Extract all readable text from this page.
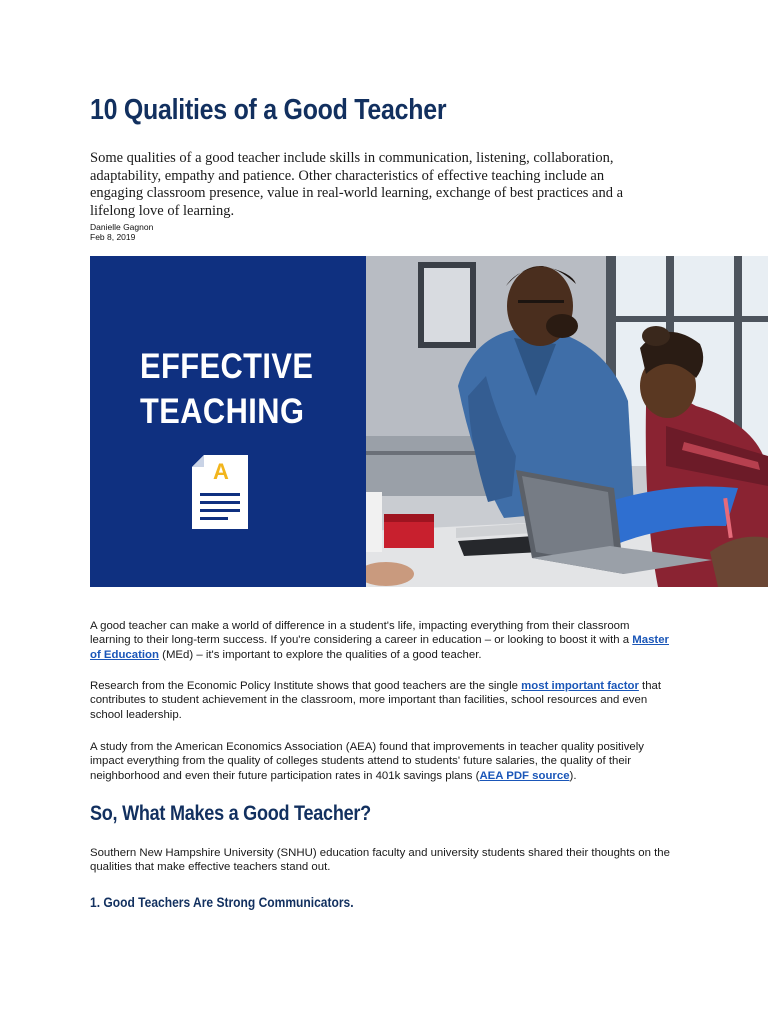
10 Qualities of a Good Teacher

Some qualities of a good teacher include skills in communication, listening, collaboration, adaptability, empathy and patience. Other characteristics of effective teaching include an engaging classroom presence, value in real-world learning, exchange of best practices and a lifelong love of learning.

Danielle Gagnon

Feb 8, 2019

EFFECTIVE
TEACHING
A

A good teacher can make a world of difference in a student's life, impacting everything from their classroom learning to their long-term success. If you're considering a career in education – or looking to boost it with a Master of Education (MEd) – it's important to explore the qualities of a good teacher.

Research from the Economic Policy Institute shows that good teachers are the single most important factor that contributes to student achievement in the classroom, more important than facilities, school resources and even school leadership.

A study from the American Economics Association (AEA) found that improvements in teacher quality positively impact everything from the quality of colleges students attend to students' future salaries, the quality of their neighborhood and even their future participation rates in 401k savings plans (AEA PDF source).

So, What Makes a Good Teacher?

Southern New Hampshire University (SNHU) education faculty and university students shared their thoughts on the qualities that make effective teachers stand out.

1. Good Teachers Are Strong Communicators.
